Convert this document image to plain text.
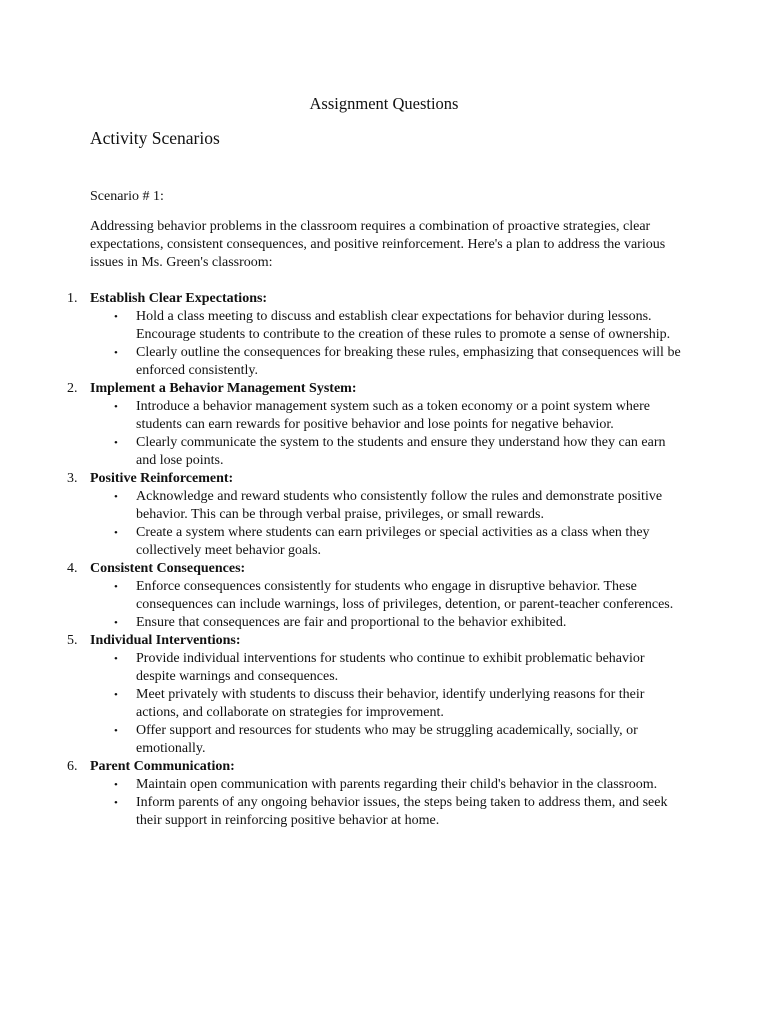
Assignment Questions
Activity Scenarios
Scenario # 1:

Addressing behavior problems in the classroom requires a combination of proactive strategies, clear expectations, consistent consequences, and positive reinforcement. Here's a plan to address the various issues in Ms. Green's classroom:

1. Establish Clear Expectations:
• Hold a class meeting to discuss and establish clear expectations for behavior during lessons. Encourage students to contribute to the creation of these rules to promote a sense of ownership.
• Clearly outline the consequences for breaking these rules, emphasizing that consequences will be enforced consistently.
2. Implement a Behavior Management System:
• Introduce a behavior management system such as a token economy or a point system where students can earn rewards for positive behavior and lose points for negative behavior.
• Clearly communicate the system to the students and ensure they understand how they can earn and lose points.
3. Positive Reinforcement:
• Acknowledge and reward students who consistently follow the rules and demonstrate positive behavior. This can be through verbal praise, privileges, or small rewards.
• Create a system where students can earn privileges or special activities as a class when they collectively meet behavior goals.
4. Consistent Consequences:
• Enforce consequences consistently for students who engage in disruptive behavior. These consequences can include warnings, loss of privileges, detention, or parent-teacher conferences.
• Ensure that consequences are fair and proportional to the behavior exhibited.
5. Individual Interventions:
• Provide individual interventions for students who continue to exhibit problematic behavior despite warnings and consequences.
• Meet privately with students to discuss their behavior, identify underlying reasons for their actions, and collaborate on strategies for improvement.
• Offer support and resources for students who may be struggling academically, socially, or emotionally.
6. Parent Communication:
• Maintain open communication with parents regarding their child's behavior in the classroom.
• Inform parents of any ongoing behavior issues, the steps being taken to address them, and seek their support in reinforcing positive behavior at home.
